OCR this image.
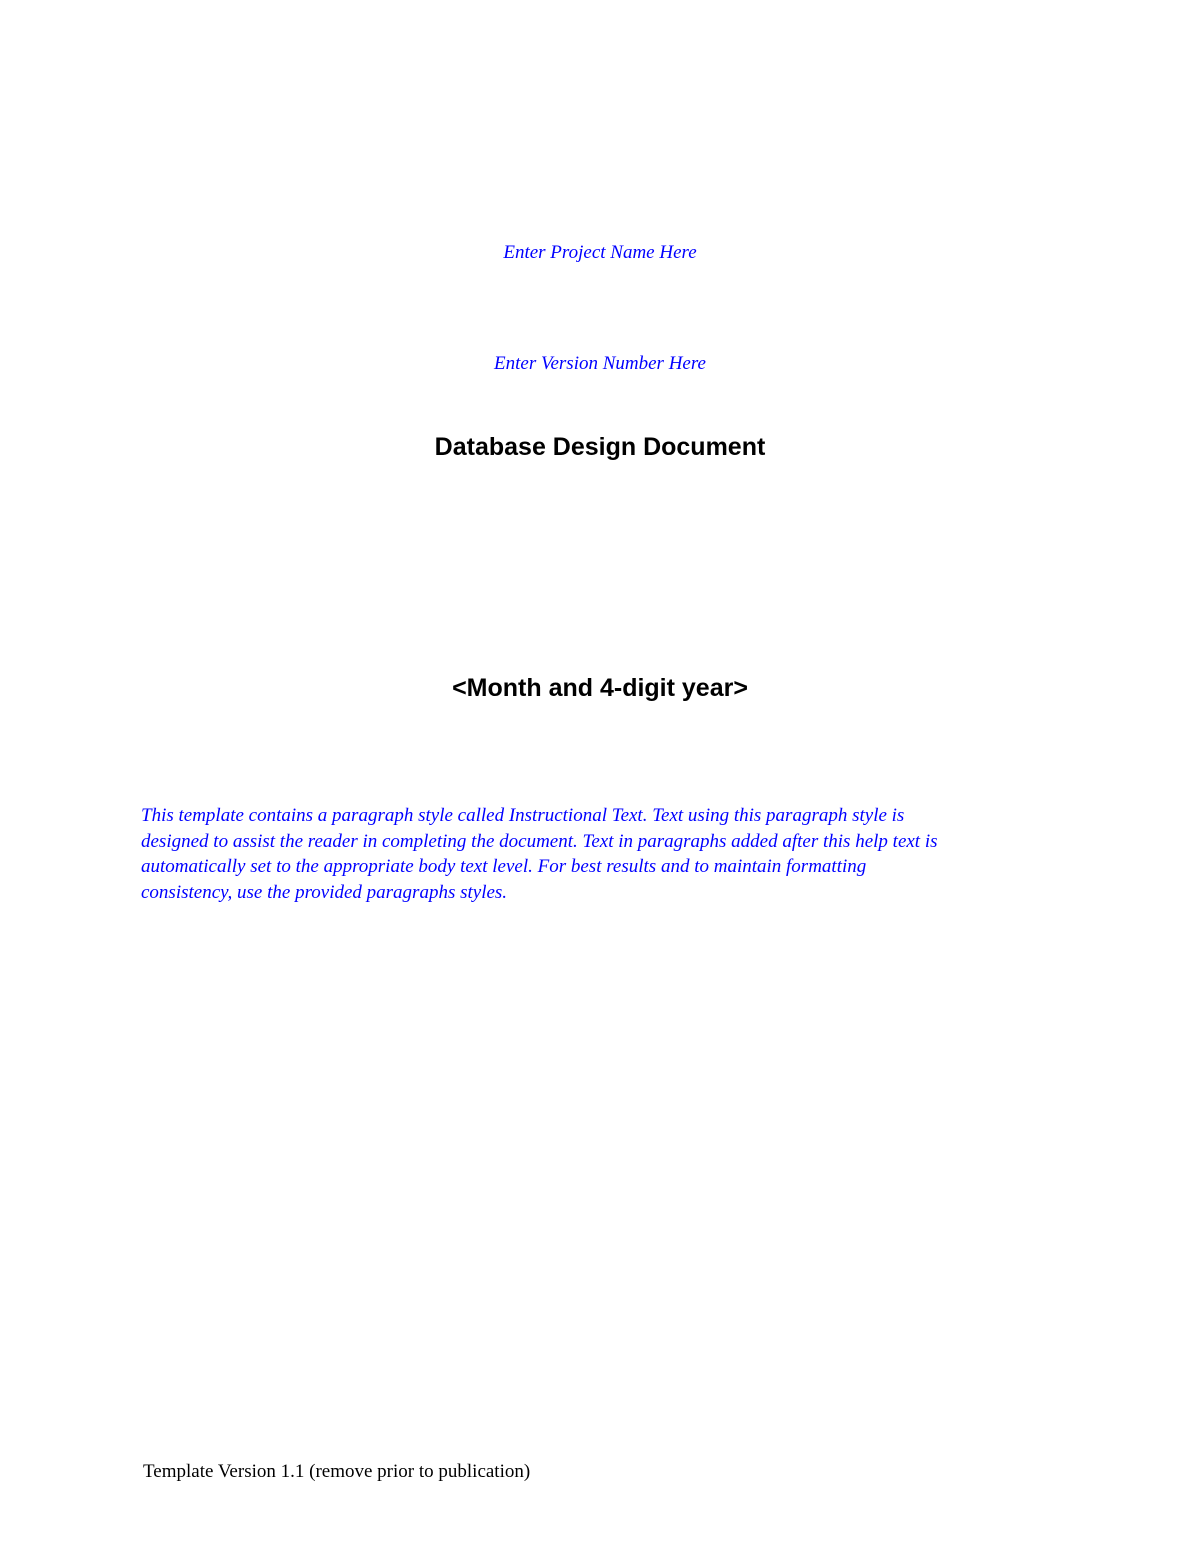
Enter Project Name Here
Enter Version Number Here
Database Design Document
<Month and 4-digit year>
This template contains a paragraph style called Instructional Text. Text using this paragraph style is
designed to assist the reader in completing the document. Text in paragraphs added after this help text is
automatically set to the appropriate body text level. For best results and to maintain formatting
consistency, use the provided paragraphs styles.
Template Version 1.1 (remove prior to publication)
